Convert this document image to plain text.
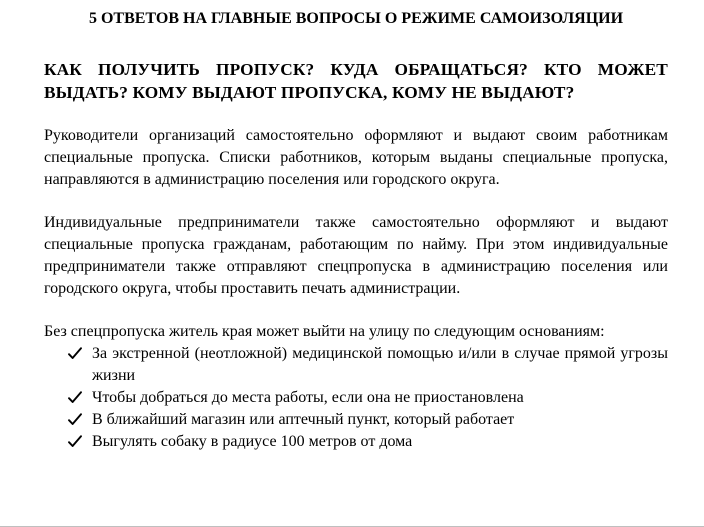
5 ОТВЕТОВ НА ГЛАВНЫЕ ВОПРОСЫ О РЕЖИМЕ САМОИЗОЛЯЦИИ
КАК ПОЛУЧИТЬ ПРОПУСК? КУДА ОБРАЩАТЬСЯ? КТО МОЖЕТ ВЫДАТЬ? КОМУ ВЫДАЮТ ПРОПУСКА, КОМУ НЕ ВЫДАЮТ?

Руководители организаций самостоятельно оформляют и выдают своим работникам специальные пропуска. Списки работников, которым выданы специальные пропуска, направляются в администрацию поселения или городского округа.

Индивидуальные предприниматели также самостоятельно оформляют и выдают специальные пропуска гражданам, работающим по найму. При этом индивидуальные предприниматели также отправляют спецпропуска в администрацию поселения или городского округа, чтобы проставить печать администрации.

Без спецпропуска житель края может выйти на улицу по следующим основаниям:

За экстренной (неотложной) медицинской помощью и/или в случае прямой угрозы жизни
Чтобы добраться до места работы, если она не приостановлена
В ближайший магазин или аптечный пункт, который работает
Выгулять собаку в радиусе 100 метров от дома
